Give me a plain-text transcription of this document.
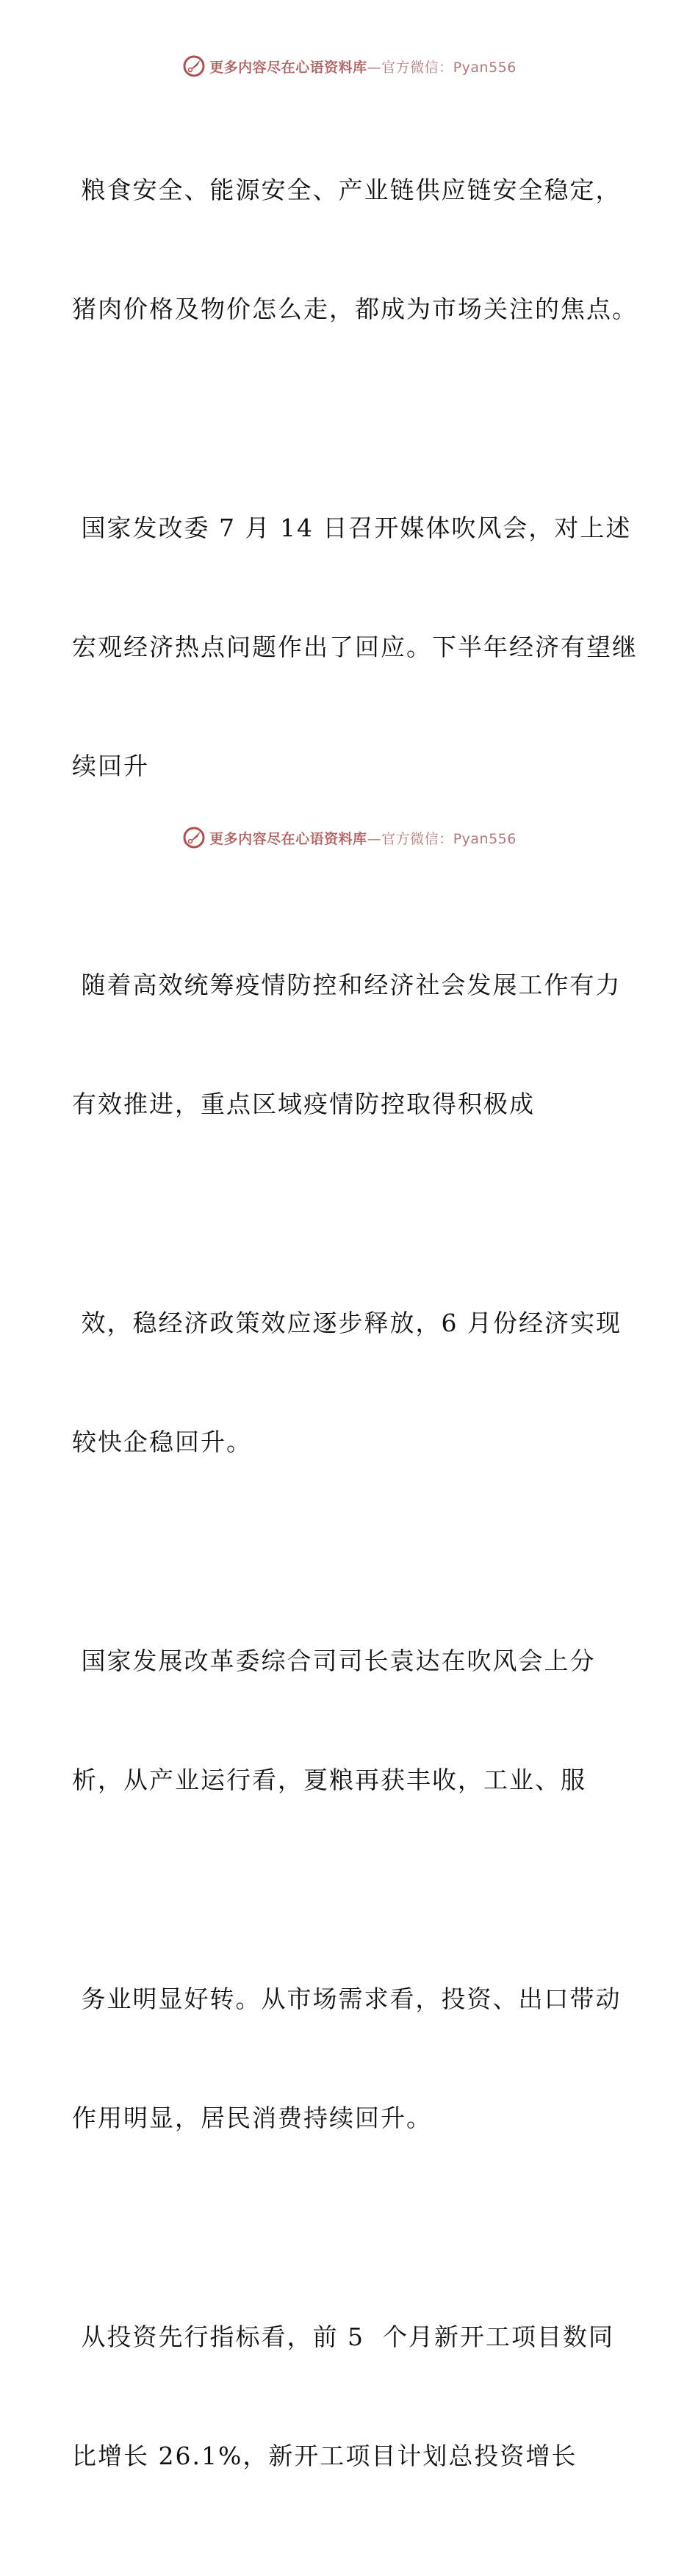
更多内容尽在心语资料库—官方微信：Pyan556

粮食安全、能源安全、产业链供应链安全稳定，

猪肉价格及物价怎么走，都成为市场关注的焦点。

国家发改委 7 月 14 日召开媒体吹风会，对上述

宏观经济热点问题作出了回应。下半年经济有望继

续回升

随着高效统筹疫情防控和经济社会发展工作有力

有效推进，重点区域疫情防控取得积极成

效，稳经济政策效应逐步释放，6 月份经济实现

较快企稳回升。

国家发展改革委综合司司长袁达在吹风会上分

析，从产业运行看，夏粮再获丰收，工业、服

务业明显好转。从市场需求看，投资、出口带动

作用明显，居民消费持续回升。

从投资先行指标看，前 5  个月新开工项目数同

比增长 26.1%，新开工项目计划总投资增长

更多内容尽在心语资料库—官方微信：Pyan556
